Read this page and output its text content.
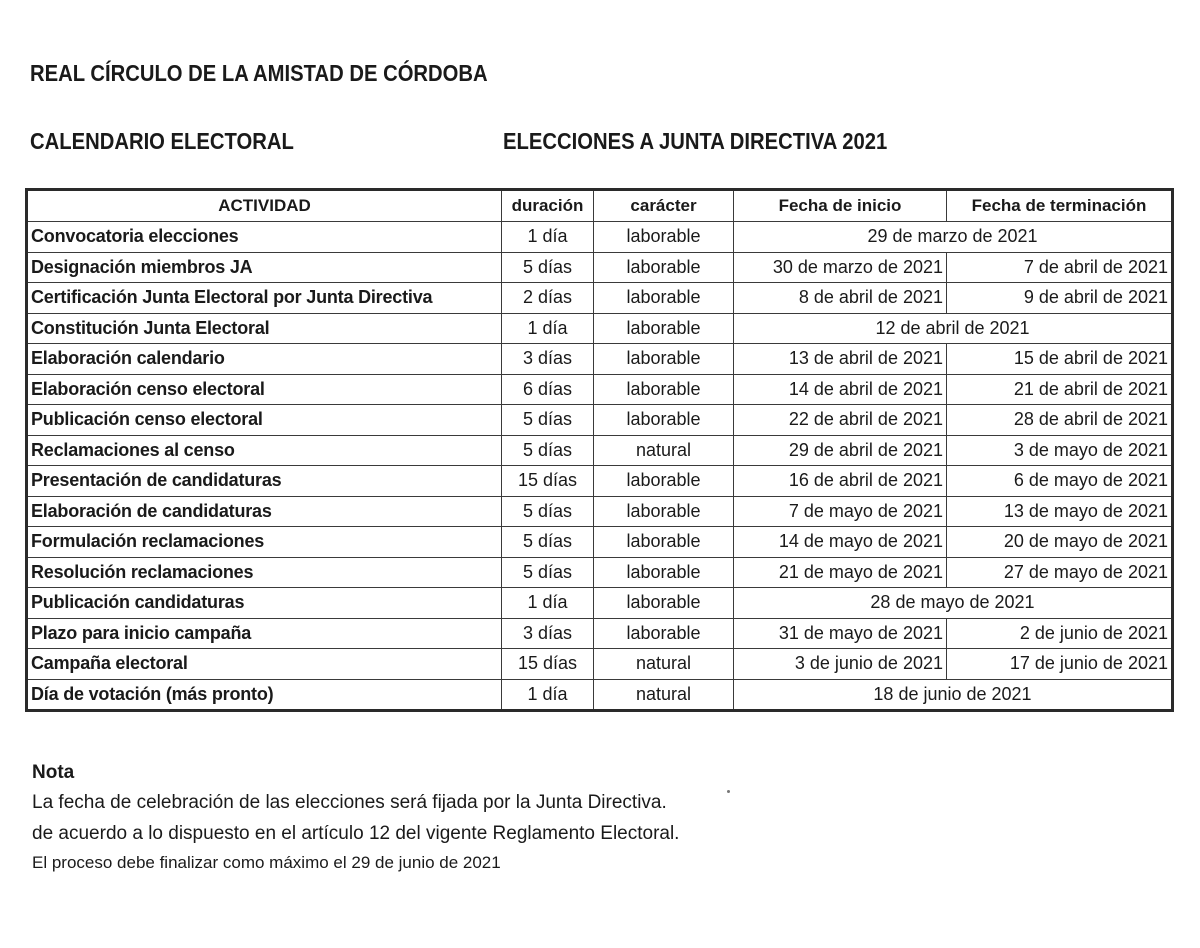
REAL CÍRCULO DE LA AMISTAD DE CÓRDOBA
CALENDARIO ELECTORAL	ELECCIONES A JUNTA DIRECTIVA 2021
ACTIVIDAD	duración	carácter	Fecha de inicio	Fecha de terminación
Convocatoria elecciones	1 día	laborable	29 de marzo de 2021	
Designación miembros JA	5 días	laborable	30 de marzo de 2021	7 de abril de 2021
Certificación Junta Electoral por Junta Directiva	2 días	laborable	8 de abril de 2021	9 de abril de 2021
Constitución Junta Electoral	1 día	laborable	12 de abril de 2021	
Elaboración calendario	3 días	laborable	13 de abril de 2021	15 de abril de 2021
Elaboración censo electoral	6 días	laborable	14 de abril de 2021	21 de abril de 2021
Publicación censo electoral	5 días	laborable	22 de abril de 2021	28 de abril de 2021
Reclamaciones al censo	5 días	natural	29 de abril de 2021	3 de mayo de 2021
Presentación de candidaturas	15 días	laborable	16 de abril de 2021	6 de mayo de 2021
Elaboración de candidaturas	5 días	laborable	7 de mayo de 2021	13 de mayo de 2021
Formulación reclamaciones	5 días	laborable	14 de mayo de 2021	20 de mayo de 2021
Resolución reclamaciones	5 días	laborable	21 de mayo de 2021	27 de mayo de 2021
Publicación candidaturas	1 día	laborable	28 de mayo de 2021	
Plazo para inicio campaña	3 días	laborable	31 de mayo de 2021	2 de junio de 2021
Campaña electoral	15 días	natural	3 de junio de 2021	17 de junio de 2021
Día de votación (más pronto)	1 día	natural	18 de junio de 2021	
Nota
La fecha de celebración de las elecciones será fijada por la Junta Directiva.
de acuerdo a lo dispuesto en el artículo 12 del vigente Reglamento Electoral.
El proceso debe finalizar como máximo el 29 de junio de 2021
